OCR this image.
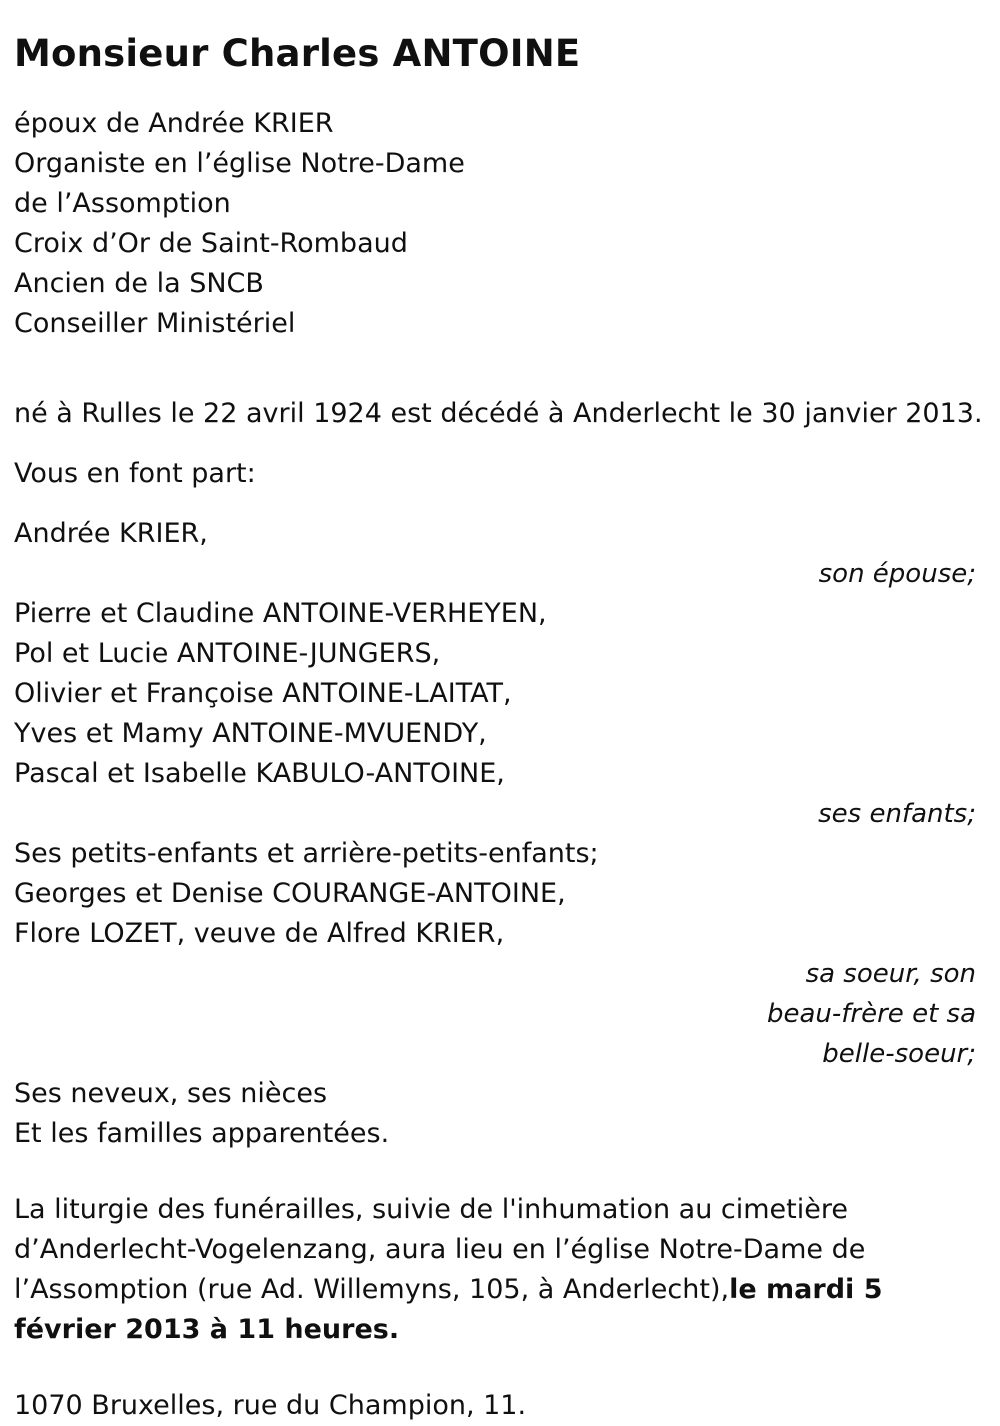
Monsieur Charles ANTOINE
époux de Andrée KRIER
Organiste en l’église Notre-Dame
de l’Assomption
Croix d’Or de Saint-Rombaud
Ancien de la SNCB
Conseiller Ministériel
né à Rulles le 22 avril 1924 est décédé à Anderlecht le 30 janvier 2013.
Vous en font part:
Andrée KRIER,
son épouse;
Pierre et Claudine ANTOINE-VERHEYEN,
Pol et Lucie ANTOINE-JUNGERS,
Olivier et Françoise ANTOINE-LAITAT,
Yves et Mamy ANTOINE-MVUENDY,
Pascal et Isabelle KABULO-ANTOINE,
ses enfants;
Ses petits-enfants et arrière-petits-enfants;
Georges et Denise COURANGE-ANTOINE,
Flore LOZET, veuve de Alfred KRIER,
sa soeur, son
beau-frère et sa
belle-soeur;
Ses neveux, ses nièces
Et les familles apparentées.
La liturgie des funérailles, suivie de l'inhumation au cimetière d’Anderlecht-Vogelenzang, aura lieu en l’église Notre-Dame de l’Assomption (rue Ad. Willemyns, 105, à Anderlecht),le mardi 5 février 2013 à 11 heures.
1070 Bruxelles, rue du Champion, 11.
